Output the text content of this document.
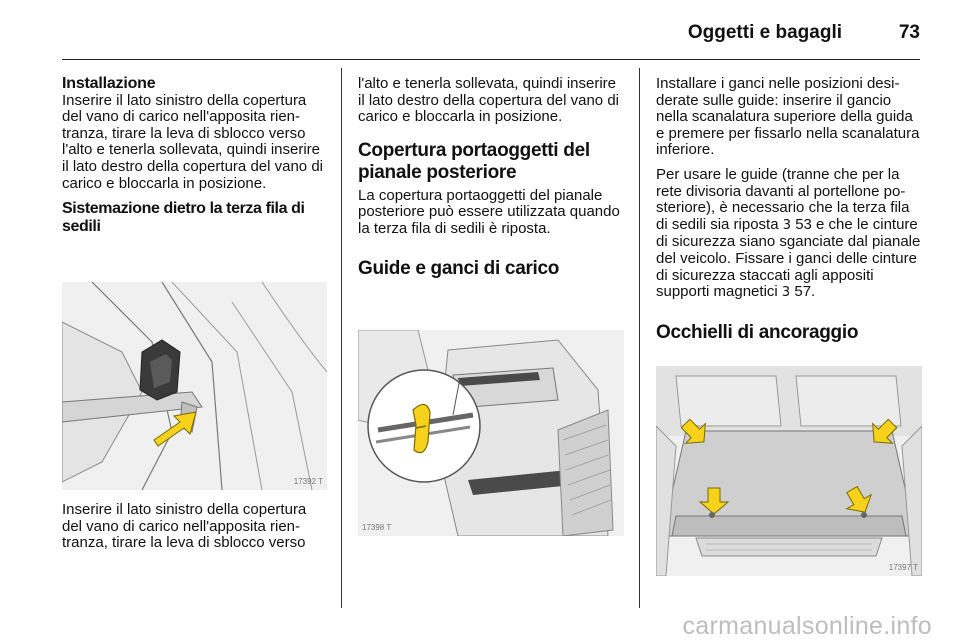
Oggetti e bagagli	73
Installazione

Inserire il lato sinistro della copertura del vano di carico nell'apposita rientranza, tirare la leva di sblocco verso l'alto e tenerla sollevata, quindi inserire il lato destro della copertura del vano di carico e bloccarla in posizione.

Sistemazione dietro la terza fila di sedili
17392 T

Inserire il lato sinistro della copertura del vano di carico nell'apposita rientranza, tirare la leva di sblocco verso

l'alto e tenerla sollevata, quindi inserire il lato destro della copertura del vano di carico e bloccarla in posizione.

Copertura portaoggetti del pianale posteriore

La copertura portaoggetti del pianale posteriore può essere utilizzata quando la terza fila di sedili è riposta.

Guide e ganci di carico
17398 T

Installare i ganci nelle posizioni desiderate sulle guide: inserire il gancio nella scanalatura superiore della guida e premere per fissarlo nella scanalatura inferiore.

Per usare le guide (tranne che per la rete divisoria davanti al portellone posteriore), è necessario che la terza fila di sedili sia riposta 3 53 e che le cinture di sicurezza siano sganciate dal pianale del veicolo. Fissare i ganci delle cinture di sicurezza staccati agli appositi supporti magnetici 3 57.

Occhielli di ancoraggio
17397 T
carmanualsonline.info
